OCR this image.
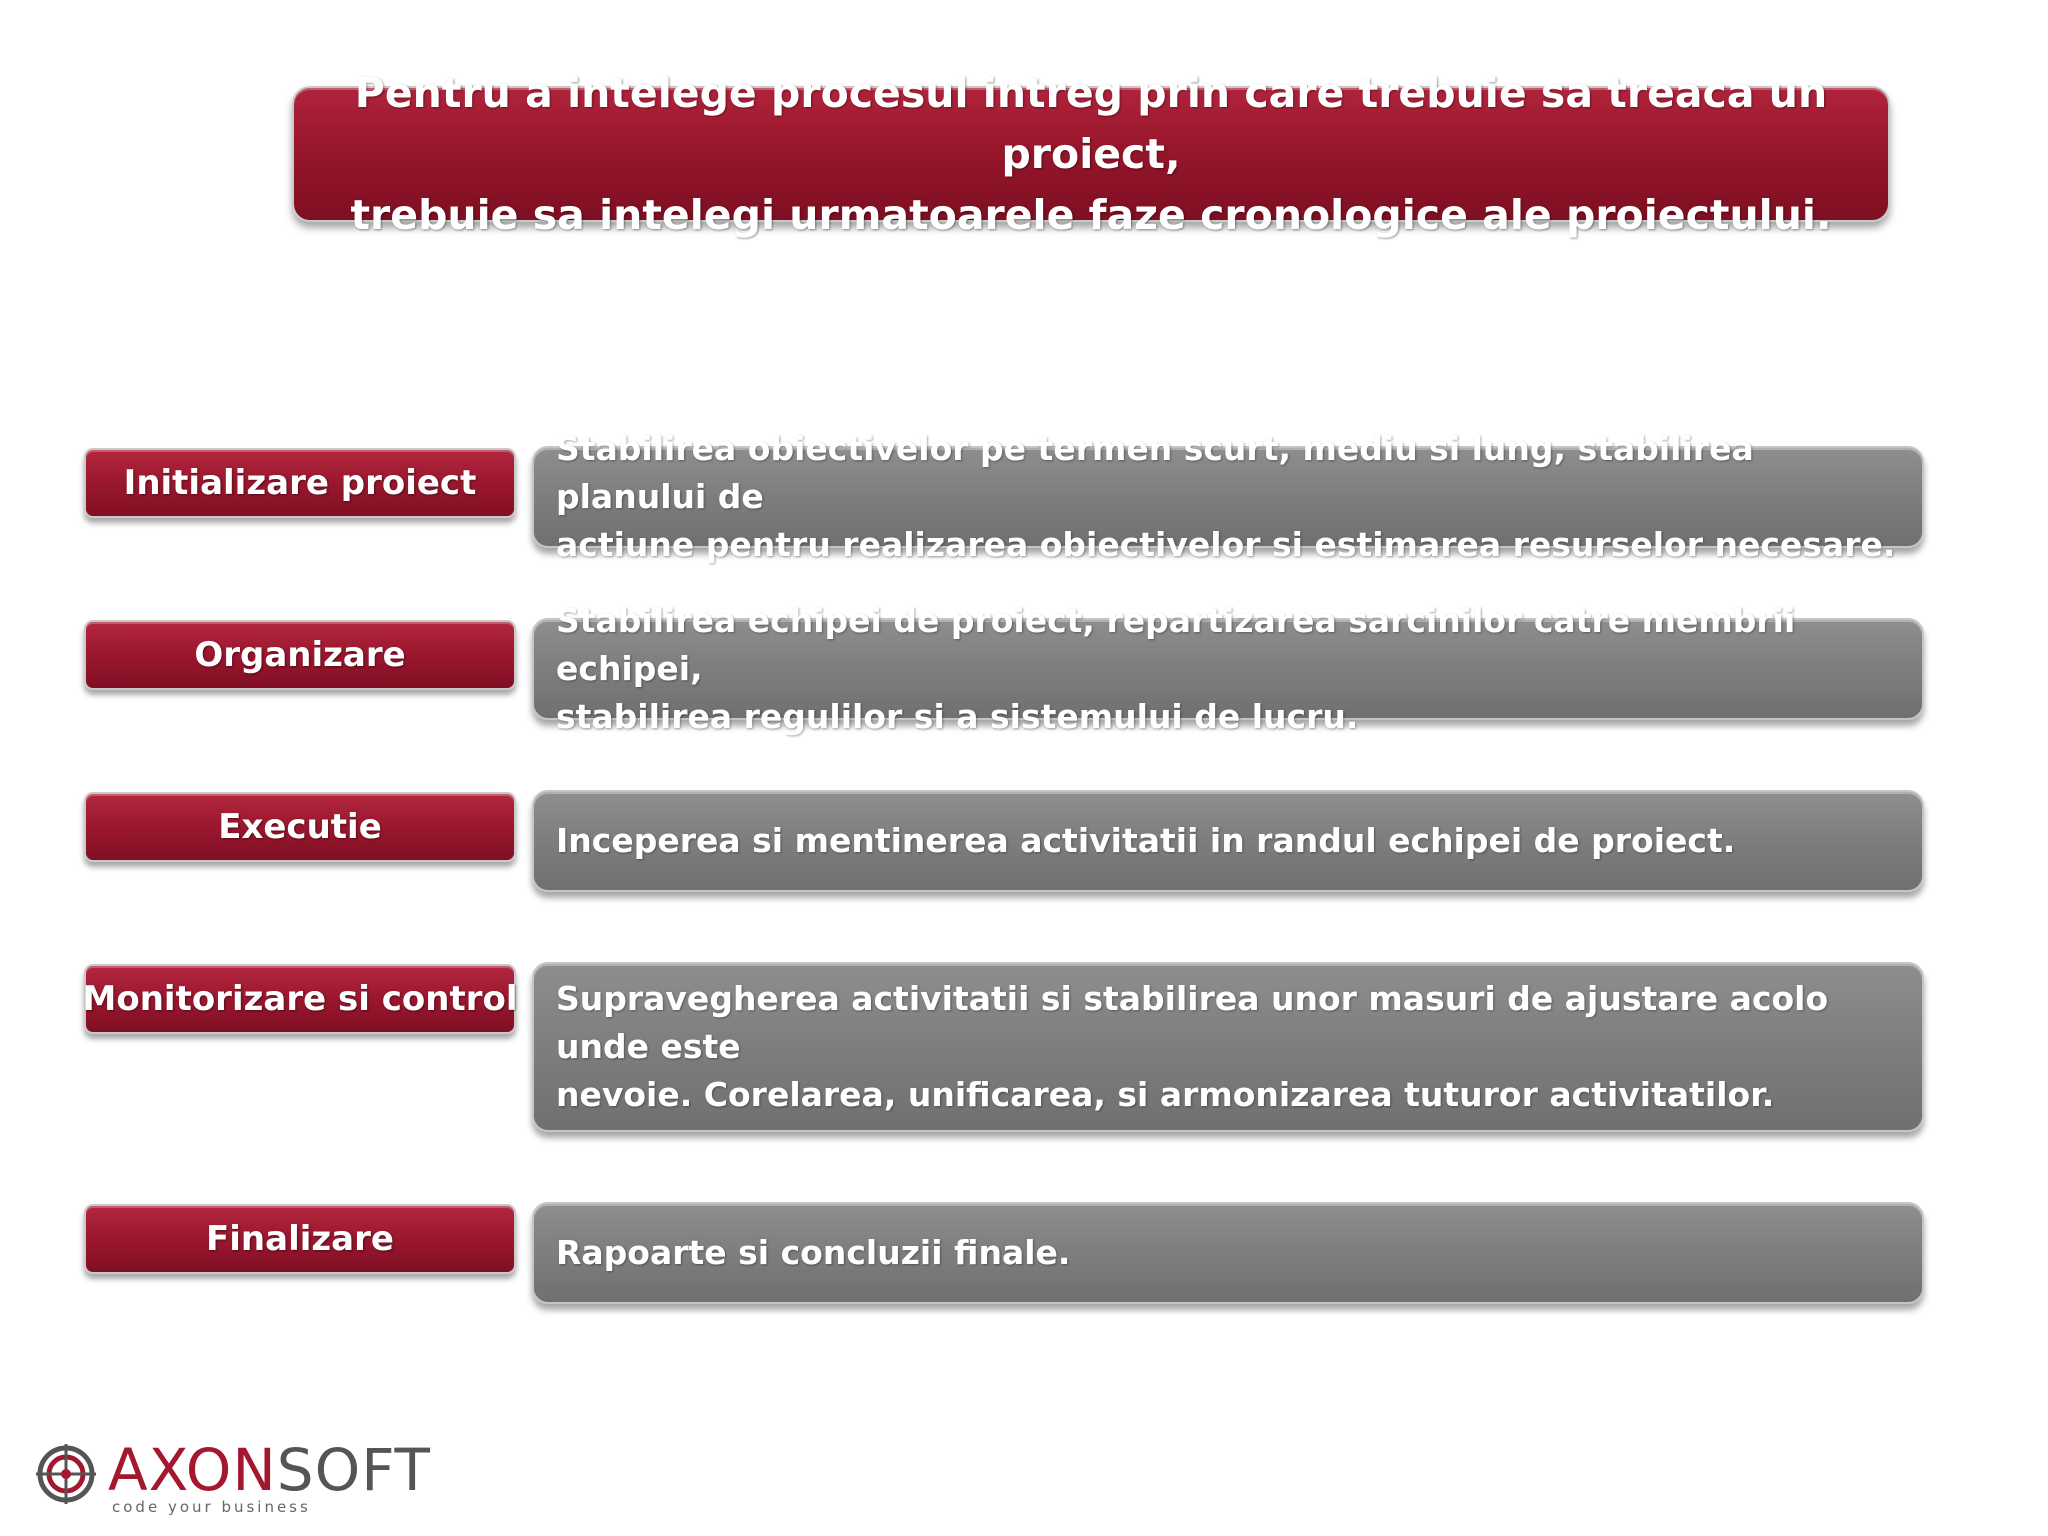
Pentru a intelege procesul intreg prin care trebuie sa treaca un proiect,
trebuie sa intelegi urmatoarele faze cronologice ale proiectului.
Initializare proiect
Stabilirea obiectivelor pe termen scurt, mediu si lung, stabilirea planului de
actiune pentru realizarea obiectivelor si estimarea resurselor necesare.
Organizare
Stabilirea echipei de proiect, repartizarea sarcinilor catre membrii echipei,
stabilirea regulilor si a sistemului de lucru.
Executie	Inceperea si mentinerea activitatii in randul echipei de proiect.
Monitorizare si control Supravegherea activitatii si stabilirea unor masuri de ajustare acolo unde este
nevoie. Corelarea, unificarea, si armonizarea tuturor activitatilor.
Finalizare	Rapoarte si concluzii finale.
AXONSOFT
code your business
